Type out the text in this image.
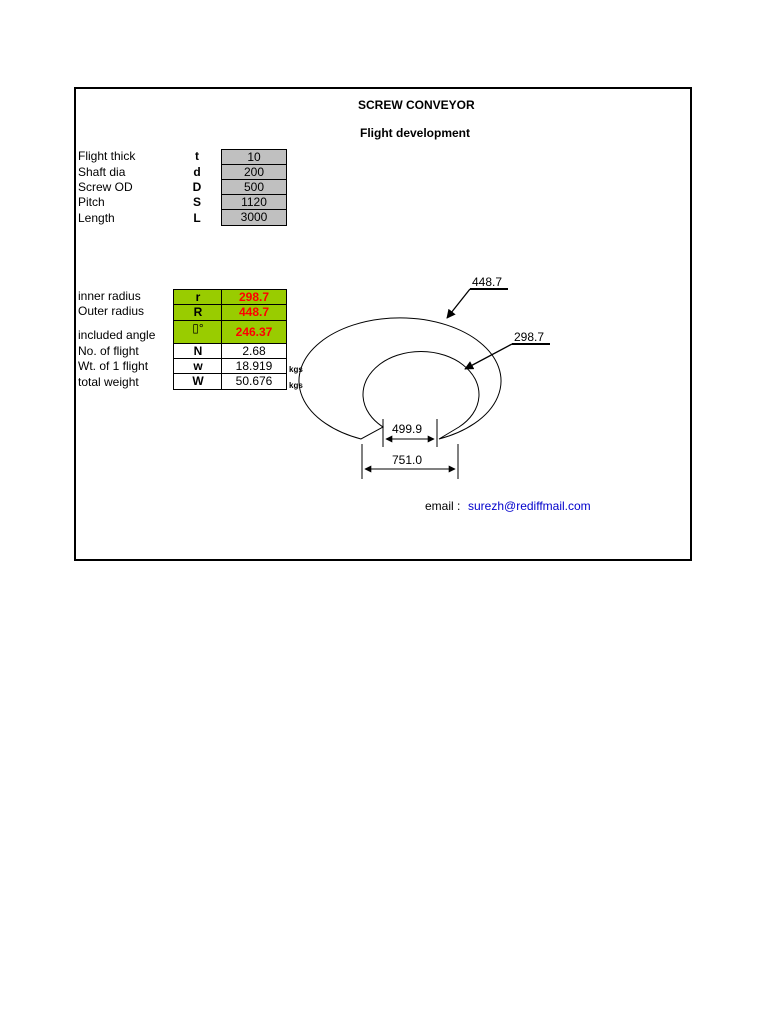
SCREW CONVEYOR
Flight development
Flight thick	t	10
Shaft dia	d	200
Screw OD	D	500
Pitch	S	1120
Length	L	3000
inner radius	r	298.7
Outer radius	R	448.7
included angle	▯°	246.37
No. of flight	N	2.68
Wt. of 1 flight	w	18.919	kgs
total weight	W	50.676	kgs
448.7
298.7
499.9
751.0
email : surezh@rediffmail.com
